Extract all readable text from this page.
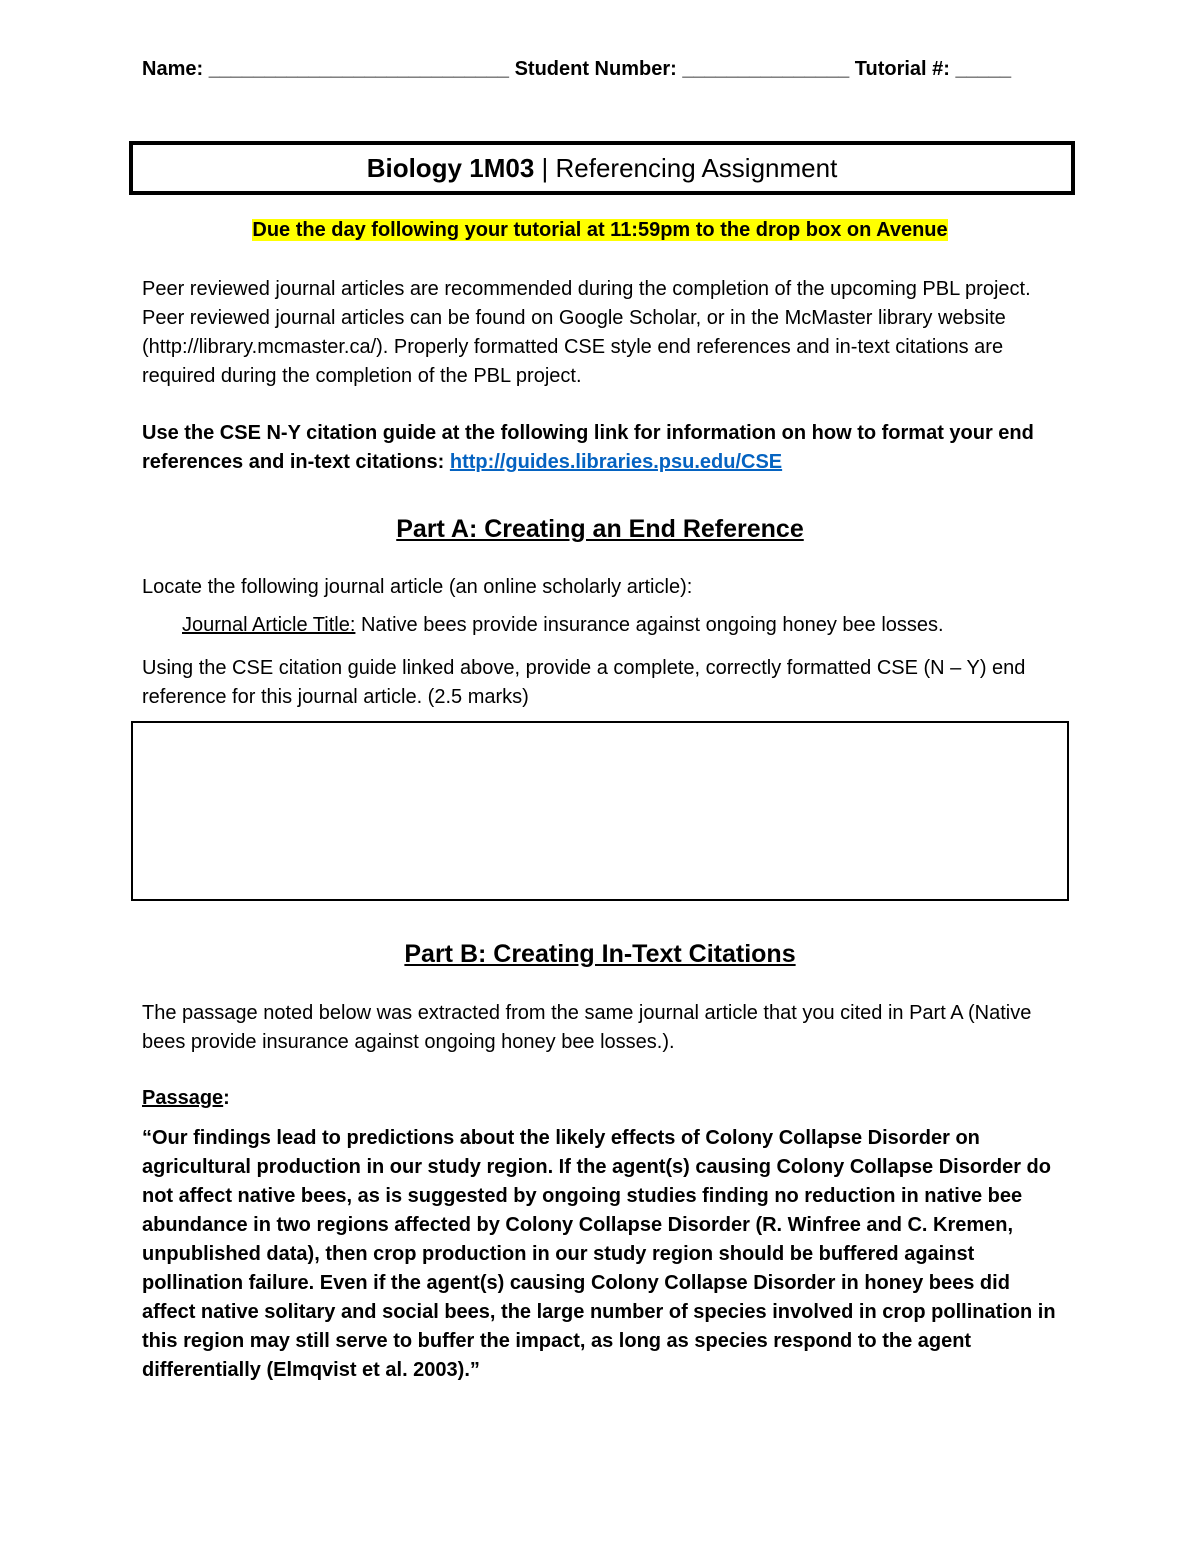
Name: ___________________________ Student Number: _______________ Tutorial #: _____
Biology 1M03 | Referencing Assignment
Due the day following your tutorial at 11:59pm to the drop box on Avenue
Peer reviewed journal articles are recommended during the completion of the upcoming PBL project. Peer reviewed journal articles can be found on Google Scholar, or in the McMaster library website (http://library.mcmaster.ca/). Properly formatted CSE style end references and in-text citations are required during the completion of the PBL project.
Use the CSE N-Y citation guide at the following link for information on how to format your end references and in-text citations: http://guides.libraries.psu.edu/CSE
Part A: Creating an End Reference
Locate the following journal article (an online scholarly article):
Journal Article Title: Native bees provide insurance against ongoing honey bee losses.
Using the CSE citation guide linked above, provide a complete, correctly formatted CSE (N – Y) end reference for this journal article. (2.5 marks)
Part B: Creating In-Text Citations
The passage noted below was extracted from the same journal article that you cited in Part A (Native bees provide insurance against ongoing honey bee losses.).
Passage:
“Our findings lead to predictions about the likely effects of Colony Collapse Disorder on agricultural production in our study region. If the agent(s) causing Colony Collapse Disorder do not affect native bees, as is suggested by ongoing studies finding no reduction in native bee abundance in two regions affected by Colony Collapse Disorder (R. Winfree and C. Kremen, unpublished data), then crop production in our study region should be buffered against pollination failure. Even if the agent(s) causing Colony Collapse Disorder in honey bees did affect native solitary and social bees, the large number of species involved in crop pollination in this region may still serve to buffer the impact, as long as species respond to the agent differentially (Elmqvist et al. 2003).”
